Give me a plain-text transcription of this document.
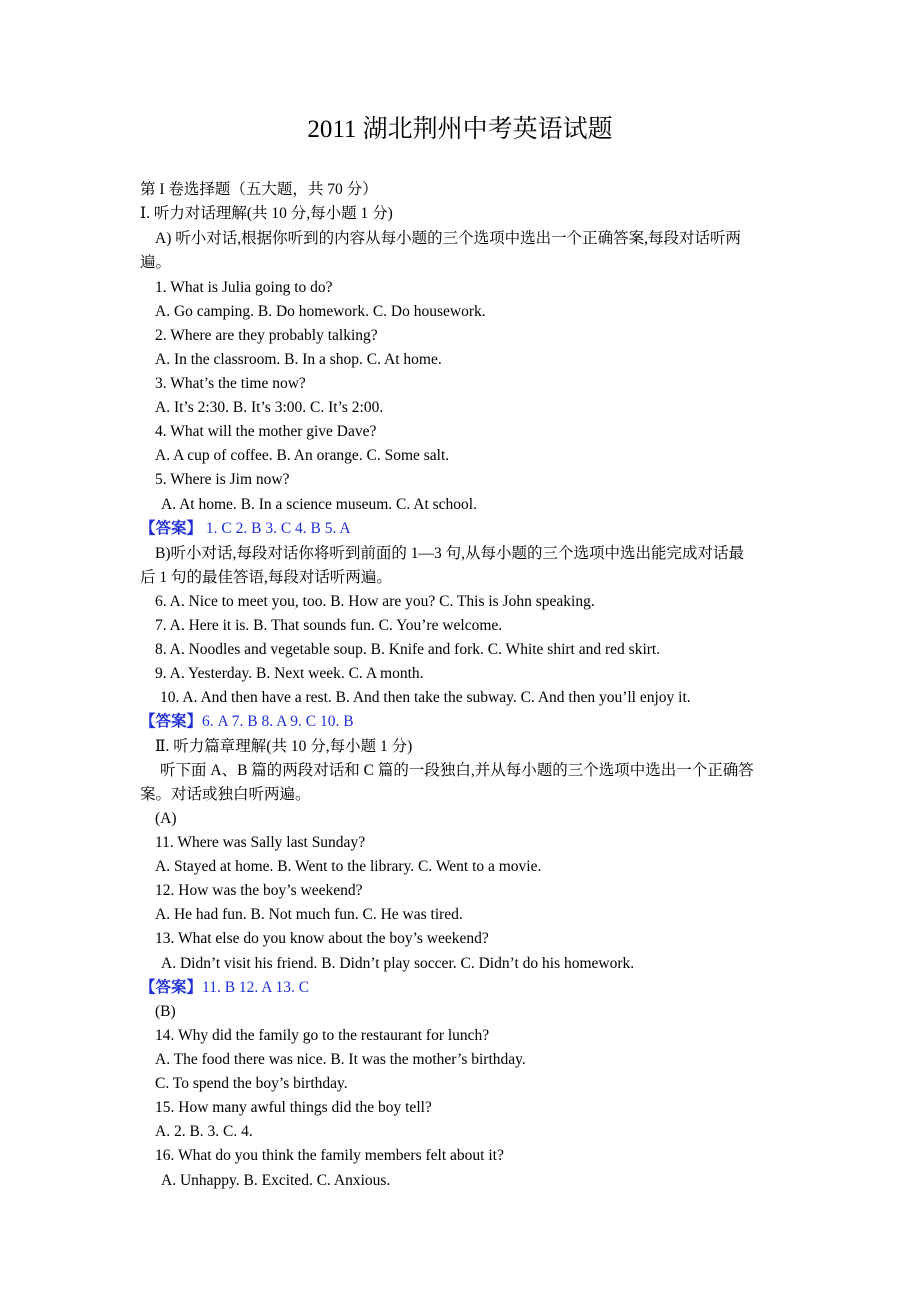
2011 湖北荆州中考英语试题
第 I 卷选择题（五大题，共 70 分）
Ⅰ. 听力对话理解(共 10 分,每小题 1 分)
A) 听小对话,根据你听到的内容从每小题的三个选项中选出一个正确答案,每段对话听两
遍。
1. What is Julia going to do?
A. Go camping. B. Do homework. C. Do housework.
2. Where are they probably talking?
A. In the classroom. B. In a shop. C. At home.
3. What’s the time now?
A. It’s 2:30. B. It’s 3:00. C. It’s 2:00.
4. What will the mother give Dave?
A. A cup of coffee. B. An orange. C. Some salt.
5. Where is Jim now?
A. At home. B. In a science museum. C. At school.
【答案】 1. C 2. B 3. C 4. B 5. A
B)听小对话,每段对话你将听到前面的 1—3 句,从每小题的三个选项中选出能完成对话最
后 1 句的最佳答语,每段对话听两遍。
6. A. Nice to meet you, too. B. How are you? C. This is John speaking.
7. A. Here it is. B. That sounds fun. C. You’re welcome.
8. A. Noodles and vegetable soup. B. Knife and fork. C. White shirt and red skirt.
9. A. Yesterday. B. Next week. C. A month.
10. A. And then have a rest. B. And then take the subway. C. And then you’ll enjoy it.
【答案】6. A 7. B 8. A 9. C 10. B
Ⅱ. 听力篇章理解(共 10 分,每小题 1 分)
听下面 A、B 篇的两段对话和 C 篇的一段独白,并从每小题的三个选项中选出一个正确答
案。对话或独白听两遍。
(A)
11. Where was Sally last Sunday?
A. Stayed at home. B. Went to the library. C. Went to a movie.
12. How was the boy’s weekend?
A. He had fun. B. Not much fun. C. He was tired.
13. What else do you know about the boy’s weekend?
A. Didn’t visit his friend. B. Didn’t play soccer. C. Didn’t do his homework.
【答案】11. B 12. A 13. C
(B)
14. Why did the family go to the restaurant for lunch?
A. The food there was nice. B. It was the mother’s birthday.
C. To spend the boy’s birthday.
15. How many awful things did the boy tell?
A. 2. B. 3. C. 4.
16. What do you think the family members felt about it?
A. Unhappy. B. Excited. C. Anxious.
